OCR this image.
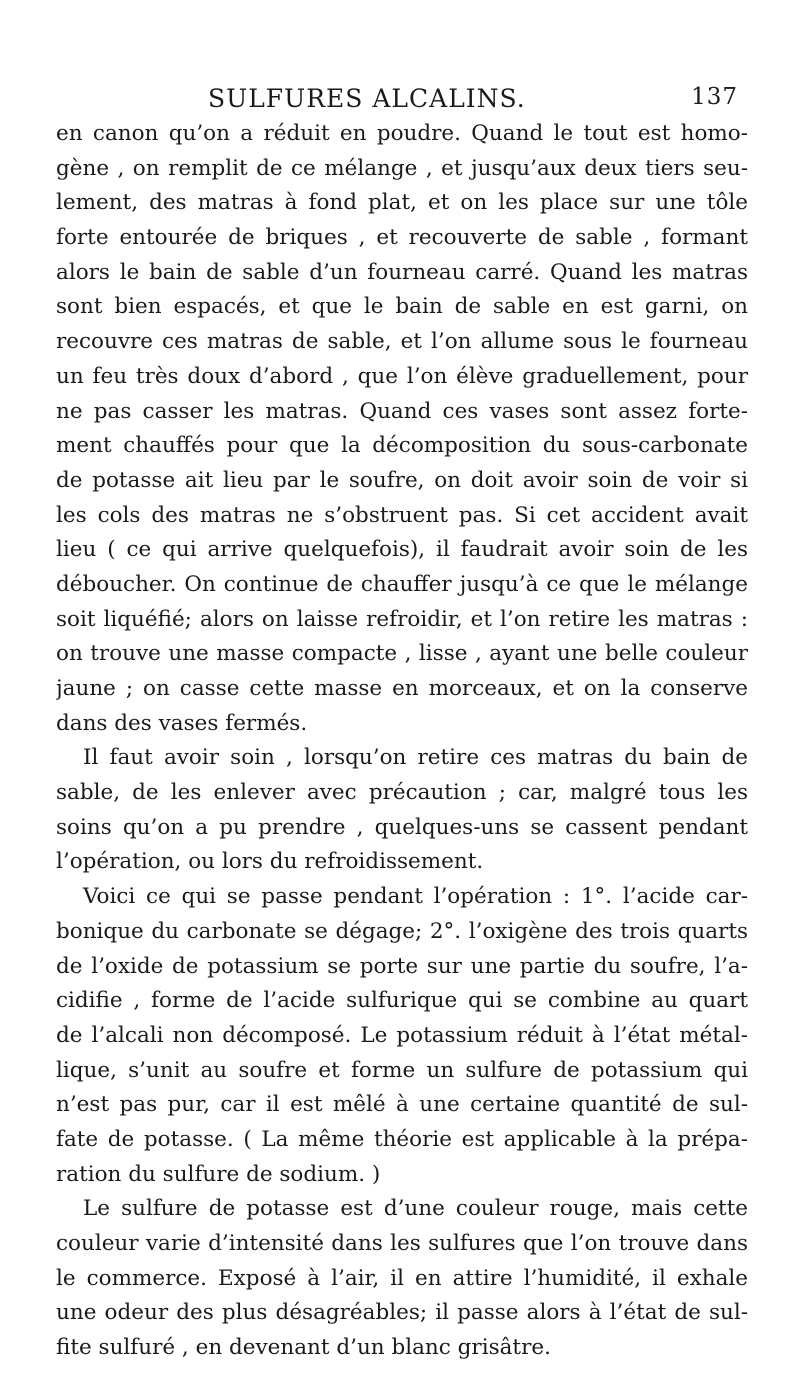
SULFURES ALCALINS.	137
en canon qu’on a réduit en poudre. Quand le tout est homo-
gène , on remplit de ce mélange , et jusqu’aux deux tiers seu-
lement, des matras à fond plat, et on les place sur une tôle
forte entourée de briques , et recouverte de sable , formant
alors le bain de sable d’un fourneau carré. Quand les matras
sont bien espacés, et que le bain de sable en est garni, on
recouvre ces matras de sable, et l’on allume sous le fourneau
un feu très doux d’abord , que l’on élève graduellement, pour
ne pas casser les matras. Quand ces vases sont assez forte-
ment chauffés pour que la décomposition du sous-carbonate
de potasse ait lieu par le soufre, on doit avoir soin de voir si
les cols des matras ne s’obstruent pas. Si cet accident avait
lieu ( ce qui arrive quelquefois), il faudrait avoir soin de les
déboucher. On continue de chauffer jusqu’à ce que le mélange
soit liquéfié; alors on laisse refroidir, et l’on retire les matras :
on trouve une masse compacte , lisse , ayant une belle couleur
jaune ; on casse cette masse en morceaux, et on la conserve
dans des vases fermés.
Il faut avoir soin , lorsqu’on retire ces matras du bain de
sable, de les enlever avec précaution ; car, malgré tous les
soins qu’on a pu prendre , quelques-uns se cassent pendant
l’opération, ou lors du refroidissement.
Voici ce qui se passe pendant l’opération : 1°. l’acide car-
bonique du carbonate se dégage; 2°. l’oxigène des trois quarts
de l’oxide de potassium se porte sur une partie du soufre, l’a-
cidifie , forme de l’acide sulfurique qui se combine au quart
de l’alcali non décomposé. Le potassium réduit à l’état métal-
lique, s’unit au soufre et forme un sulfure de potassium qui
n’est pas pur, car il est mêlé à une certaine quantité de sul-
fate de potasse. ( La même théorie est applicable à la prépa-
ration du sulfure de sodium. )
Le sulfure de potasse est d’une couleur rouge, mais cette
couleur varie d’intensité dans les sulfures que l’on trouve dans
le commerce. Exposé à l’air, il en attire l’humidité, il exhale
une odeur des plus désagréables; il passe alors à l’état de sul-
fite sulfuré , en devenant d’un blanc grisâtre.
